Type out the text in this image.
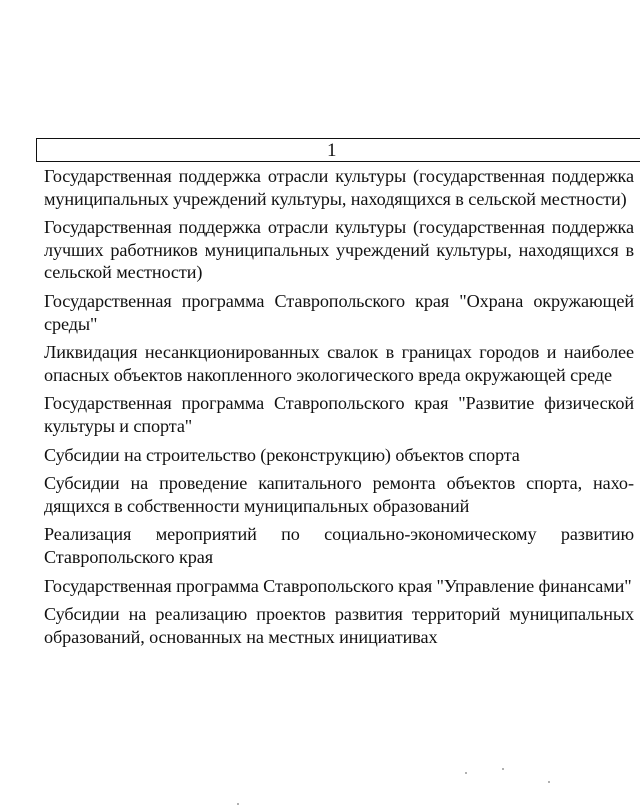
1
Государственная поддержка отрасли культуры (государственная поддержка муниципальных учреждений культуры, находящихся в сельской местности)
Государственная поддержка отрасли культуры (государственная поддержка лучших работников муниципальных учреждений культуры, находящихся в сельской местности)
Государственная программа Ставропольского края "Охрана окружающей среды"
Ликвидация несанкционированных свалок в границах городов и наиболее опасных объектов накопленного экологического вреда окружающей среде
Государственная программа Ставропольского края "Развитие физической культуры и спорта"
Субсидии на строительство (реконструкцию) объектов спорта
Субсидии на проведение капитального ремонта объектов спорта, находящихся в собственности муниципальных образований
Реализация мероприятий по социально-экономическому развитию Ставропольского края
Государственная программа Ставропольского края "Управление финансами"
Субсидии на реализацию проектов развития территорий муниципальных образований, основанных на местных инициативах
